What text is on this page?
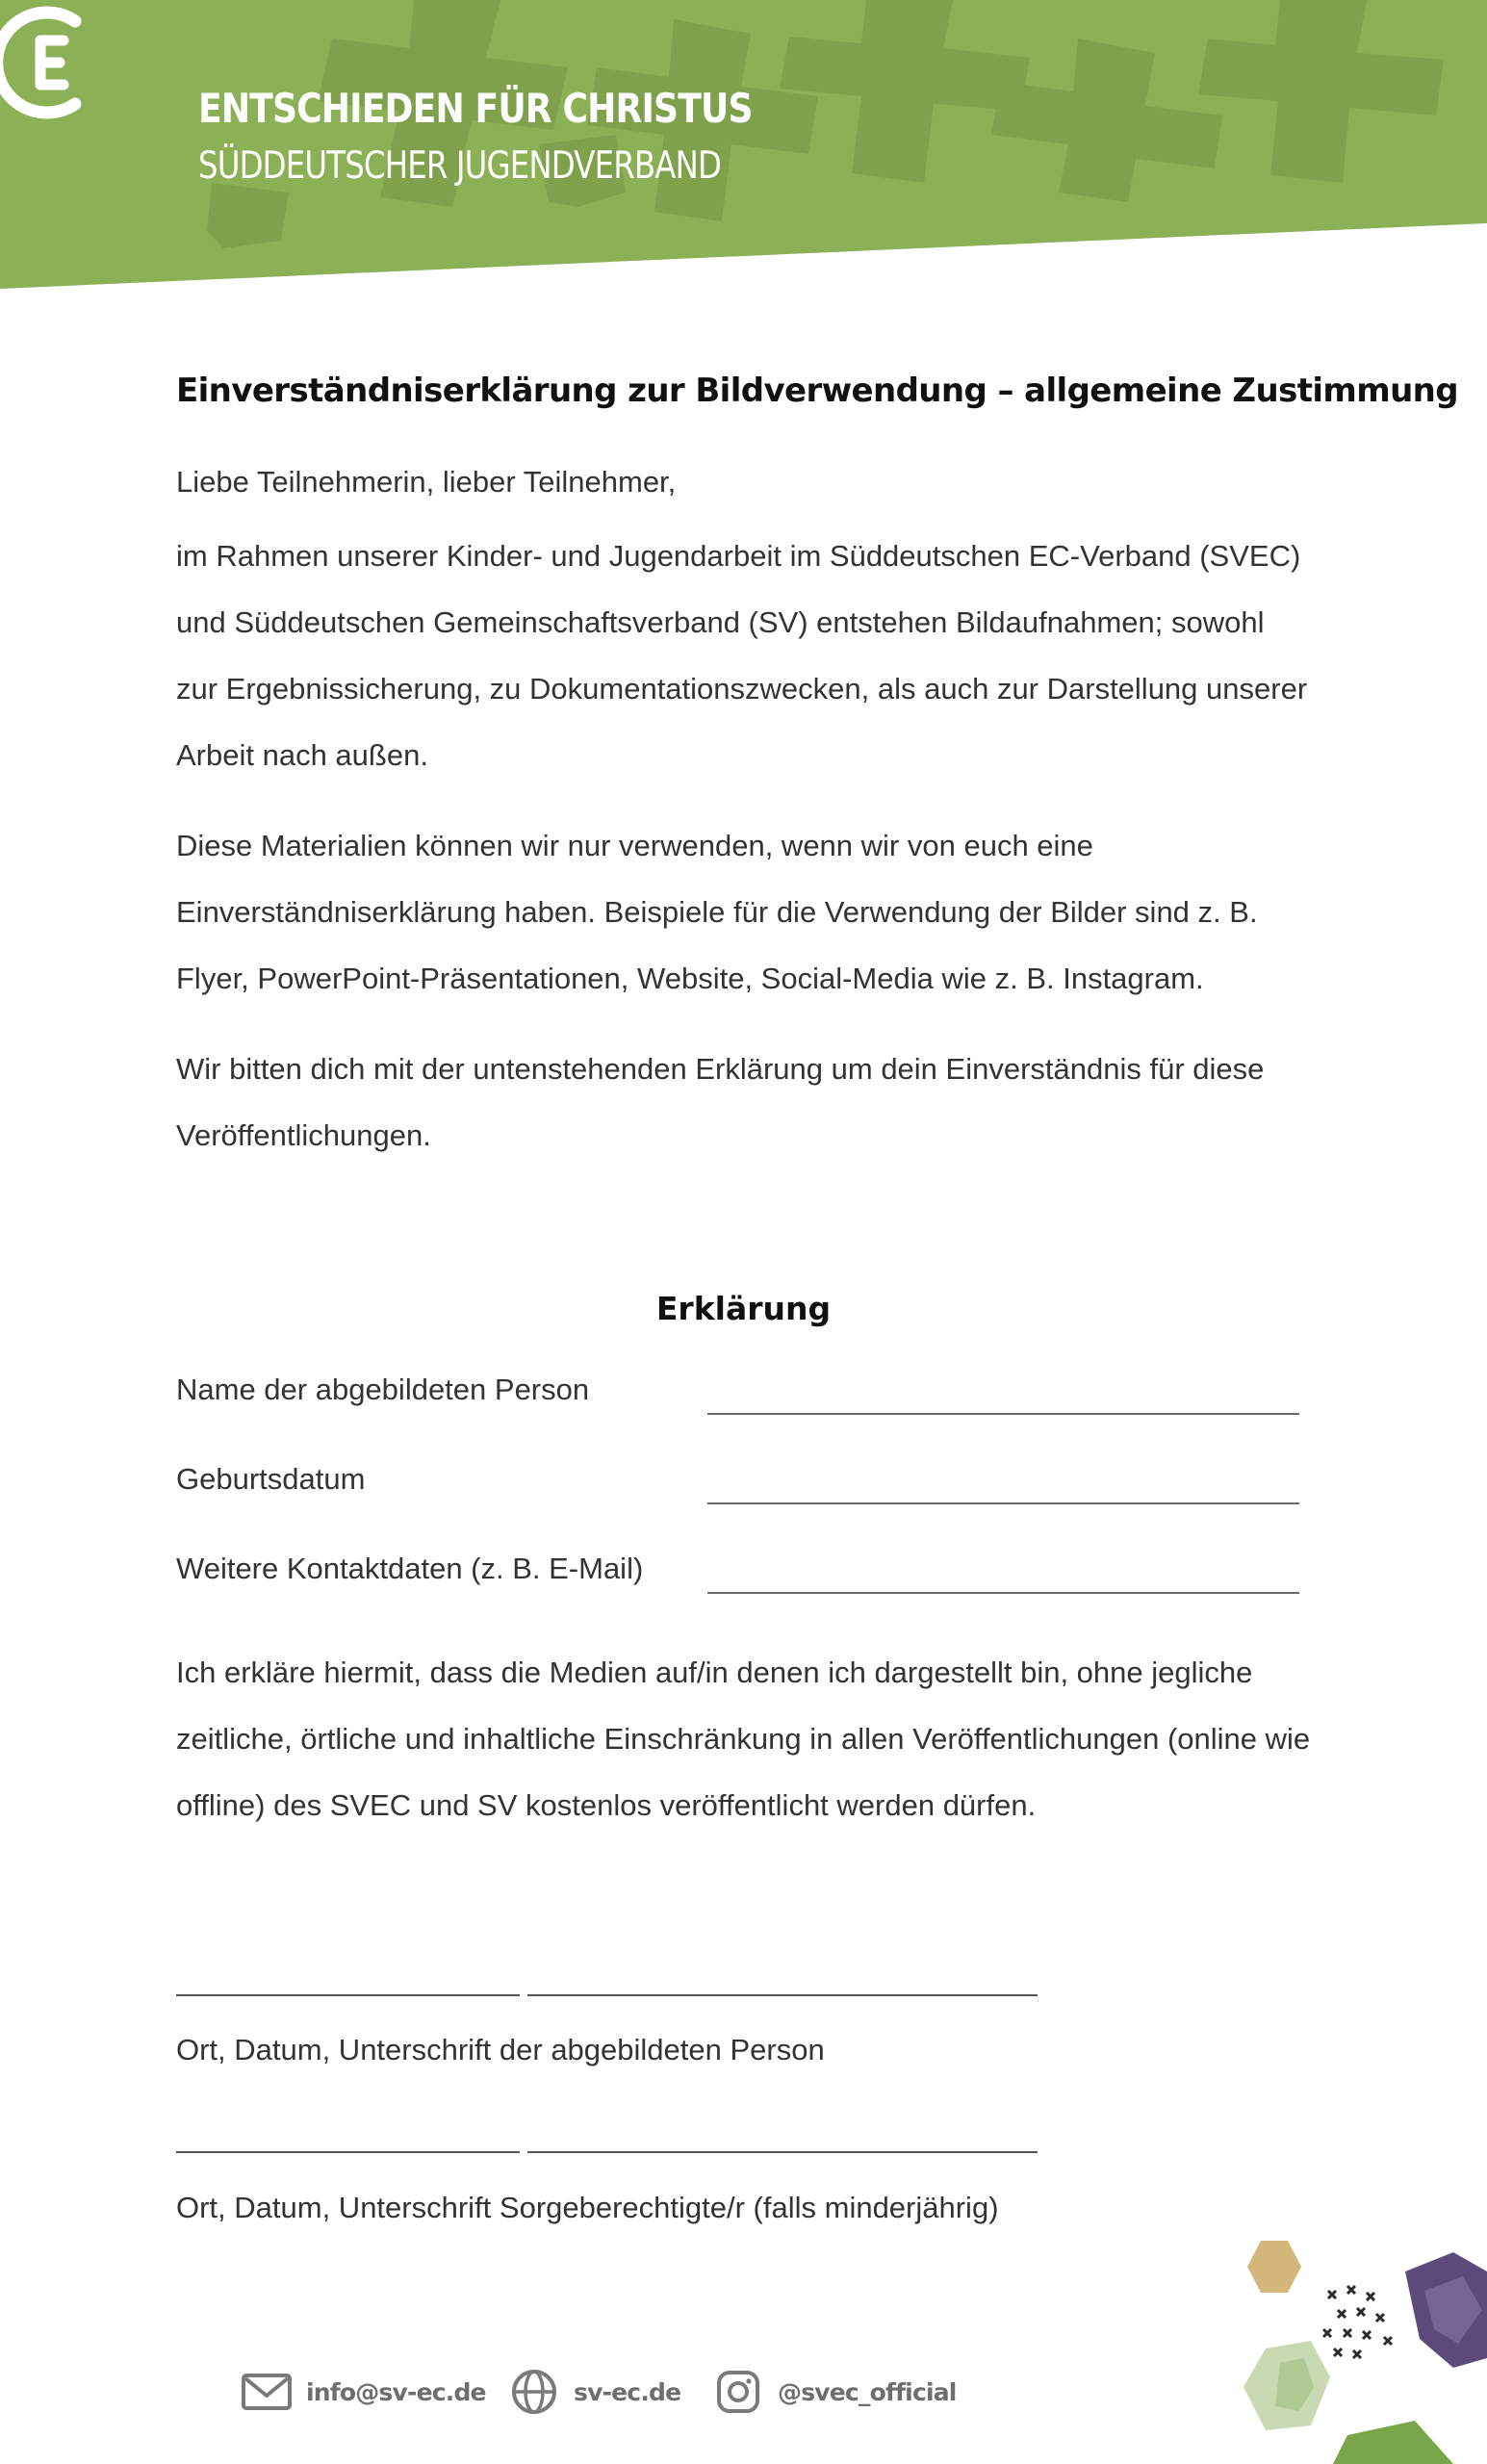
ENTSCHIEDEN FÜR CHRISTUS
SÜDDEUTSCHER JUGENDVERBAND
Einverständniserklärung zur Bildverwendung – allgemeine Zustimmung

Liebe Teilnehmerin, lieber Teilnehmer,

im Rahmen unserer Kinder- und Jugendarbeit im Süddeutschen EC-Verband (SVEC) und Süddeutschen Gemeinschaftsverband (SV) entstehen Bildaufnahmen; sowohl zur Ergebnissicherung, zu Dokumentationszwecken, als auch zur Darstellung unserer Arbeit nach außen.

Diese Materialien können wir nur verwenden, wenn wir von euch eine Einverständniserklärung haben. Beispiele für die Verwendung der Bilder sind z. B. Flyer, PowerPoint-Präsentationen, Website, Social-Media wie z. B. Instagram.

Wir bitten dich mit der untenstehenden Erklärung um dein Einverständnis für diese Veröffentlichungen.

Erklärung
Name der abgebildeten Person
Geburtsdatum
Weitere Kontaktdaten (z. B. E-Mail)

Ich erkläre hiermit, dass die Medien auf/in denen ich dargestellt bin, ohne jegliche zeitliche, örtliche und inhaltliche Einschränkung in allen Veröffentlichungen (online wie offline) des SVEC und SV kostenlos veröffentlicht werden dürfen.

Ort, Datum, Unterschrift der abgebildeten Person
Ort, Datum, Unterschrift Sorgeberechtigte/r (falls minderjährig)
info@sv-ec.de	sv-ec.de	@svec_official
